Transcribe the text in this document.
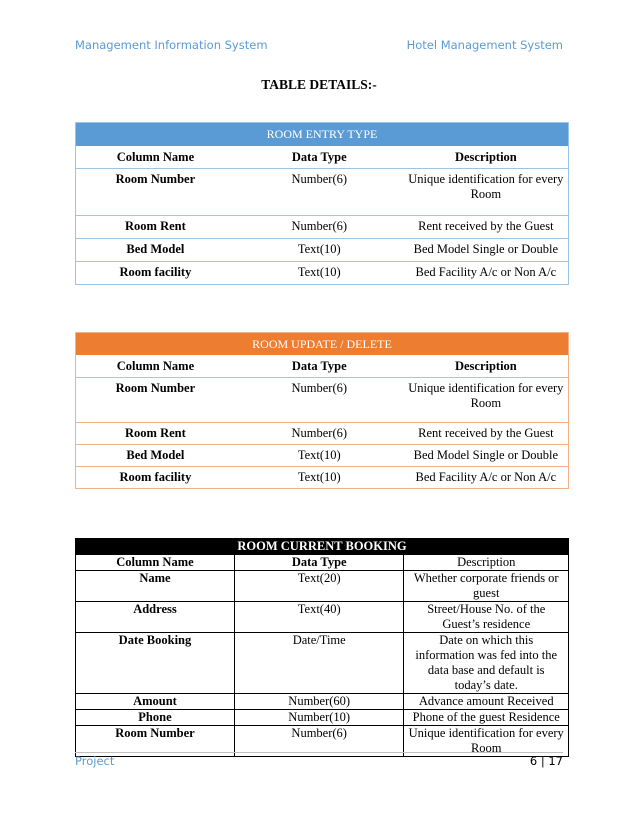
Management Information System	Hotel Management System
TABLE DETAILS:-
ROOM ENTRY TYPE		
Column Name	Data Type	Description
Room Number	Number(6)	Unique identification for every Room
Room Rent	Number(6)	Rent received by the Guest
Bed Model	Text(10)	Bed Model Single or Double
Room facility	Text(10)	Bed Facility A/c or Non A/c
ROOM UPDATE / DELETE		
Column Name	Data Type	Description
Room Number	Number(6)	Unique identification for every Room
Room Rent	Number(6)	Rent received by the Guest
Bed Model	Text(10)	Bed Model Single or Double
Room facility	Text(10)	Bed Facility A/c or Non A/c
ROOM CURRENT BOOKING		
Column Name	Data Type	Description
Name	Text(20)	Whether corporate friends or guest
Address	Text(40)	Street/House No. of the Guest’s residence
Date Booking	Date/Time	Date on which this information was fed into the data base and default is today’s date.
Amount	Number(60)	Advance amount Received
Phone	Number(10)	Phone of the guest Residence
Room Number	Number(6)	Unique identification for every Room
Project	6 | 17
